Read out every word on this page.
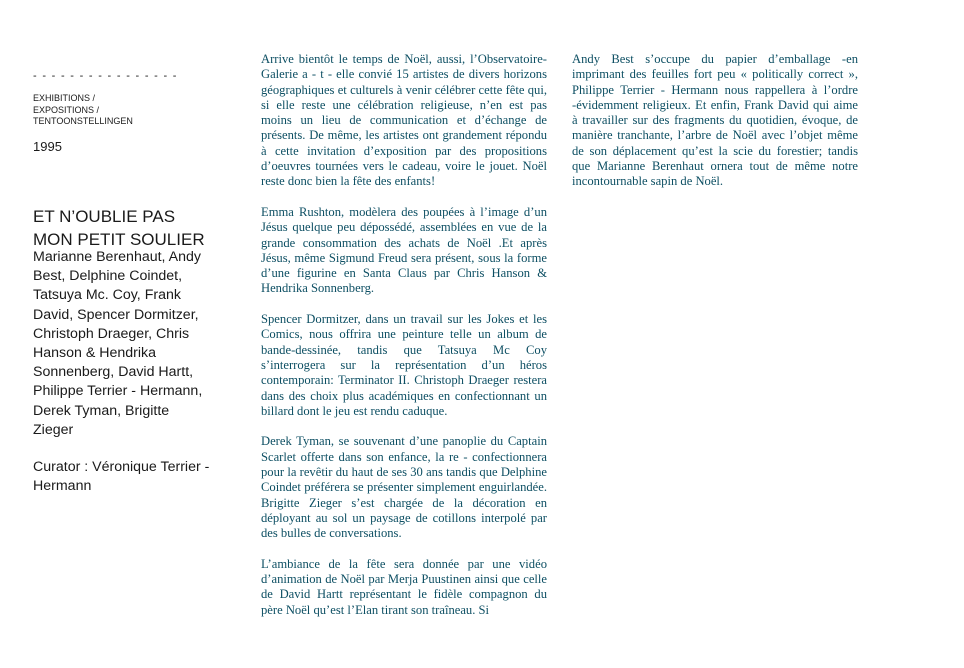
- - - - - - - - - - - - - - - -
EXHIBITIONS /
EXPOSITIONS /
TENTOONSTELLINGEN
1995
ET N’OUBLIE PAS
MON PETIT SOULIER
Marianne Berenhaut, Andy Best, Delphine Coindet, Tatsuya Mc. Coy, Frank David, Spencer Dormitzer, Christoph Draeger, Chris Hanson & Hendrika Sonnenberg, David Hartt, Philippe Terrier - Hermann, Derek Tyman, Brigitte Zieger
Curator : Véronique Terrier - Hermann

Arrive bientôt le temps de Noël, aussi, l’Observatoire-Galerie a - t - elle convié 15 artistes de divers horizons géographiques et culturels à venir célébrer cette fête qui, si elle reste une célébration religieuse, n’en est pas moins un lieu de communication et d’échange de présents. De même, les artistes ont grandement répondu à cette invitation d’exposition par des propositions d’oeuvres tournées vers le cadeau, voire le jouet. Noël reste donc bien la fête des enfants!

Emma Rushton, modèlera des poupées à l’image d’un Jésus quelque peu dépossédé, assemblées en vue de la grande consommation des achats de Noël .Et après Jésus, même Sigmund Freud sera présent, sous la forme d’une figurine en Santa Claus par Chris Hanson & Hendrika Sonnenberg.

Spencer Dormitzer, dans un travail sur les Jokes et les Comics, nous offrira une peinture telle un album de bande-dessinée, tandis que Tatsuya Mc Coy s’interrogera sur la représentation d’un héros contemporain: Terminator II. Christoph Draeger restera dans des choix plus académiques en confectionnant un billard dont le jeu est rendu caduque.

Derek Tyman, se souvenant d’une panoplie du Captain Scarlet offerte dans son enfance, la re - confectionnera pour la revêtir du haut de ses 30 ans tandis que Delphine Coindet préférera se présenter simplement enguirlandée. Brigitte Zieger s’est chargée de la décoration en déployant au sol un paysage de cotillons interpolé par des bulles de conversations.

L’ambiance de la fête sera donnée par une vidéo d’animation de Noël par Merja Puustinen ainsi que celle de David Hartt représentant le fidèle compagnon du père Noël qu’est l’Elan tirant son traîneau. Si

Andy Best s’occupe du papier d’emballage -en imprimant des feuilles fort peu « politically correct », Philippe Terrier - Hermann nous rappellera à l’ordre -évidemment religieux. Et enfin, Frank David qui aime à travailler sur des fragments du quotidien, évoque, de manière tranchante, l’arbre de Noël avec l’objet même de son déplacement qu’est la scie du forestier; tandis que Marianne Berenhaut ornera tout de même notre incontournable sapin de Noël.
